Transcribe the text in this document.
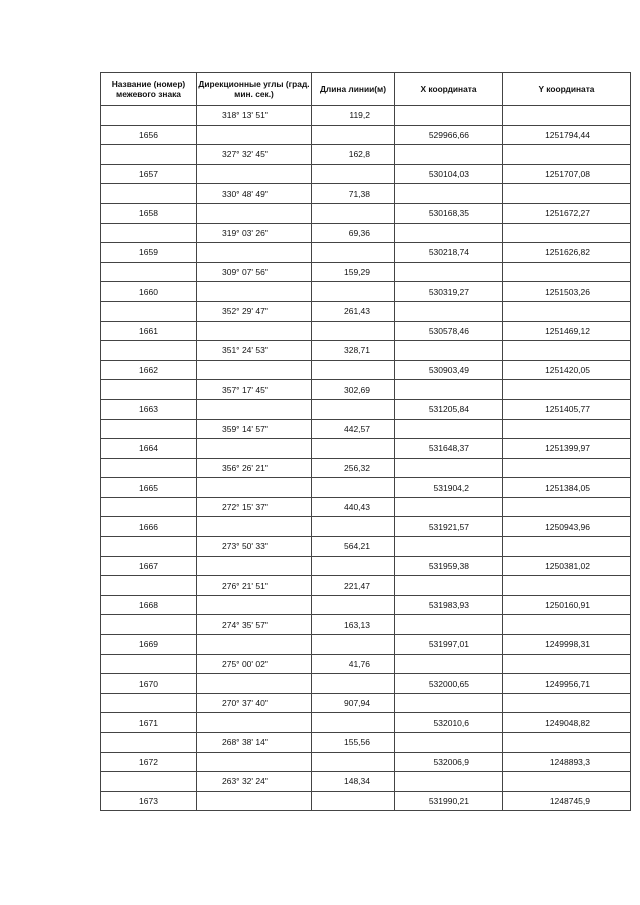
Название (номер) межевого знака	Дирекционные углы (град. мин. сек.)	Длина линии(м)	X координата	Y координата
	318° 13' 51"	119,2		
1656			529966,66	1251794,44
	327° 32' 45"	162,8		
1657			530104,03	1251707,08
	330° 48' 49"	71,38		
1658			530168,35	1251672,27
	319° 03' 26"	69,36		
1659			530218,74	1251626,82
	309° 07' 56"	159,29		
1660			530319,27	1251503,26
	352° 29' 47"	261,43		
1661			530578,46	1251469,12
	351° 24' 53"	328,71		
1662			530903,49	1251420,05
	357° 17' 45"	302,69		
1663			531205,84	1251405,77
	359° 14' 57"	442,57		
1664			531648,37	1251399,97
	356° 26' 21"	256,32		
1665			531904,2	1251384,05
	272° 15' 37"	440,43		
1666			531921,57	1250943,96
	273° 50' 33"	564,21		
1667			531959,38	1250381,02
	276° 21' 51"	221,47		
1668			531983,93	1250160,91
	274° 35' 57"	163,13		
1669			531997,01	1249998,31
	275° 00' 02"	41,76		
1670			532000,65	1249956,71
	270° 37' 40"	907,94		
1671			532010,6	1249048,82
	268° 38' 14"	155,56		
1672			532006,9	1248893,3
	263° 32' 24"	148,34		
1673			531990,21	1248745,9
